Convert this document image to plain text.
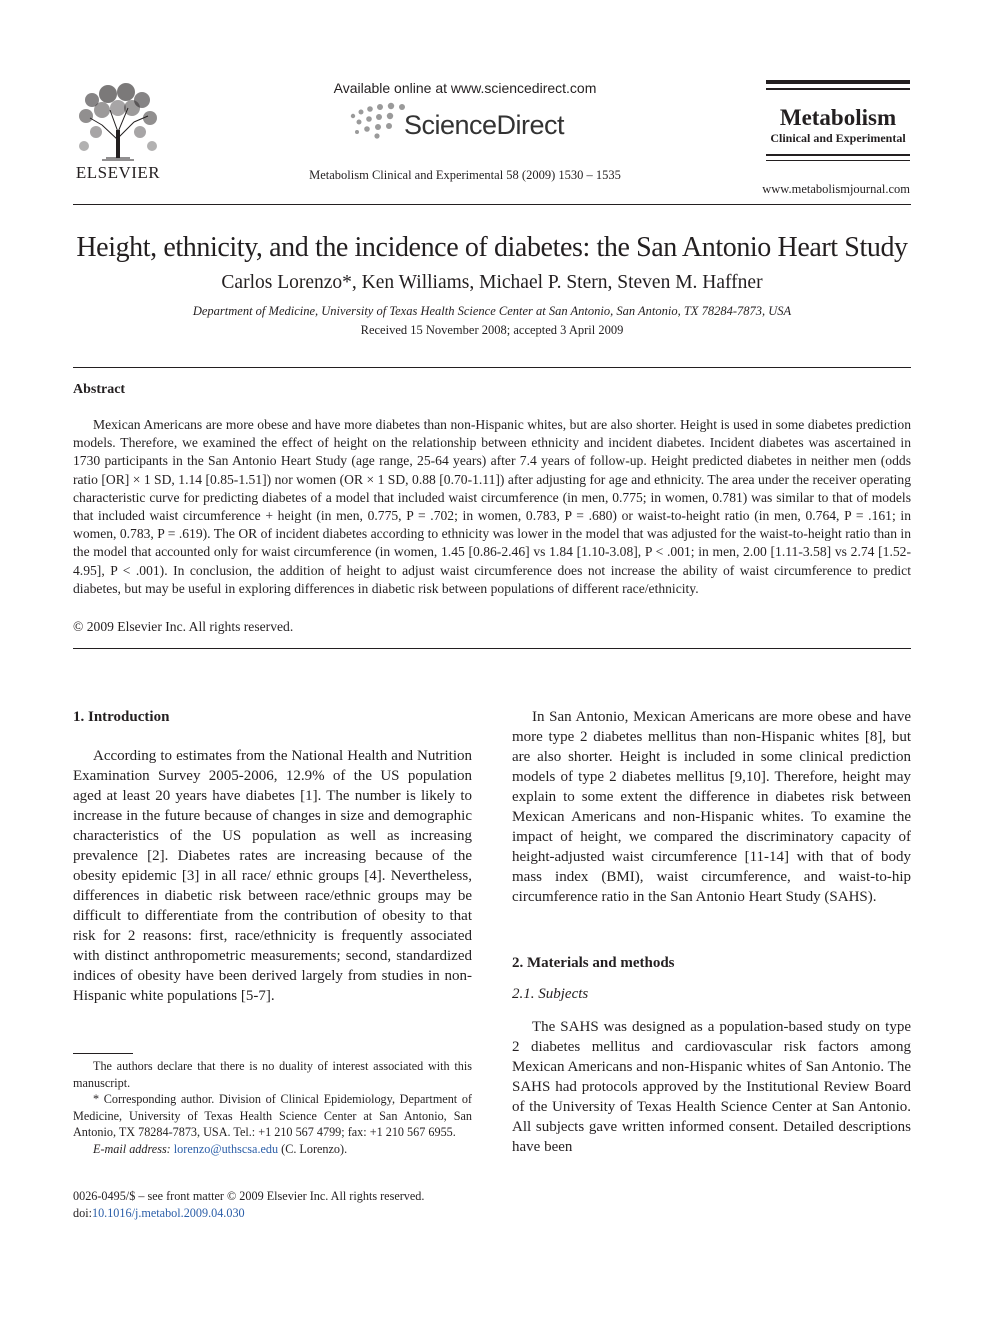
ELSEVIER
Available online at www.sciencedirect.com
ScienceDirect
Metabolism Clinical and Experimental 58 (2009) 1530 – 1535
Metabolism
Clinical and Experimental
www.metabolismjournal.com
Height, ethnicity, and the incidence of diabetes: the San Antonio Heart Study
Carlos Lorenzo*, Ken Williams, Michael P. Stern, Steven M. Haffner
Department of Medicine, University of Texas Health Science Center at San Antonio, San Antonio, TX 78284-7873, USA
Received 15 November 2008; accepted 3 April 2009
Abstract

Mexican Americans are more obese and have more diabetes than non-Hispanic whites, but are also shorter. Height is used in some diabetes prediction models. Therefore, we examined the effect of height on the relationship between ethnicity and incident diabetes. Incident diabetes was ascertained in 1730 participants in the San Antonio Heart Study (age range, 25-64 years) after 7.4 years of follow-up. Height predicted diabetes in neither men (odds ratio [OR] × 1 SD, 1.14 [0.85-1.51]) nor women (OR × 1 SD, 0.88 [0.70-1.11]) after adjusting for age and ethnicity. The area under the receiver operating characteristic curve for predicting diabetes of a model that included waist circumference (in men, 0.775; in women, 0.781) was similar to that of models that included waist circumference + height (in men, 0.775, P = .702; in women, 0.783, P = .680) or waist-to-height ratio (in men, 0.764, P = .161; in women, 0.783, P = .619). The OR of incident diabetes according to ethnicity was lower in the model that was adjusted for the waist-to-height ratio than in the model that accounted only for waist circumference (in women, 1.45 [0.86-2.46] vs 1.84 [1.10-3.08], P < .001; in men, 2.00 [1.11-3.58] vs 2.74 [1.52-4.95], P < .001). In conclusion, the addition of height to adjust waist circumference does not increase the ability of waist circumference to predict diabetes, but may be useful in exploring differences in diabetic risk between populations of different race/ethnicity.

© 2009 Elsevier Inc. All rights reserved.
1. Introduction

According to estimates from the National Health and Nutrition Examination Survey 2005-2006, 12.9% of the US population aged at least 20 years have diabetes [1]. The number is likely to increase in the future because of changes in size and demographic characteristics of the US population as well as increasing prevalence [2]. Diabetes rates are increasing because of the obesity epidemic [3] in all race/ ethnic groups [4]. Nevertheless, differences in diabetic risk between race/ethnic groups may be difficult to differentiate from the contribution of obesity to that risk for 2 reasons: first, race/ethnicity is frequently associated with distinct anthropometric measurements; second, standardized indices of obesity have been derived largely from studies in non-Hispanic white populations [5-7].

In San Antonio, Mexican Americans are more obese and have more type 2 diabetes mellitus than non-Hispanic whites [8], but are also shorter. Height is included in some clinical prediction models of type 2 diabetes mellitus [9,10]. Therefore, height may explain to some extent the difference in diabetes risk between Mexican Americans and non-Hispanic whites. To examine the impact of height, we compared the discriminatory capacity of height-adjusted waist circumference [11-14] with that of body mass index (BMI), waist circumference, and waist-to-hip circumference ratio in the San Antonio Heart Study (SAHS).

2. Materials and methods
2.1. Subjects

The SAHS was designed as a population-based study on type 2 diabetes mellitus and cardiovascular risk factors among Mexican Americans and non-Hispanic whites of San Antonio. The SAHS had protocols approved by the Institutional Review Board of the University of Texas Health Science Center at San Antonio. All subjects gave written informed consent. Detailed descriptions have been

The authors declare that there is no duality of interest associated with this manuscript.

* Corresponding author. Division of Clinical Epidemiology, Department of Medicine, University of Texas Health Science Center at San Antonio, San Antonio, TX 78284-7873, USA. Tel.: +1 210 567 4799; fax: +1 210 567 6955.

E-mail address: lorenzo@uthscsa.edu (C. Lorenzo).

0026-0495/$ – see front matter © 2009 Elsevier Inc. All rights reserved.
doi:10.1016/j.metabol.2009.04.030
